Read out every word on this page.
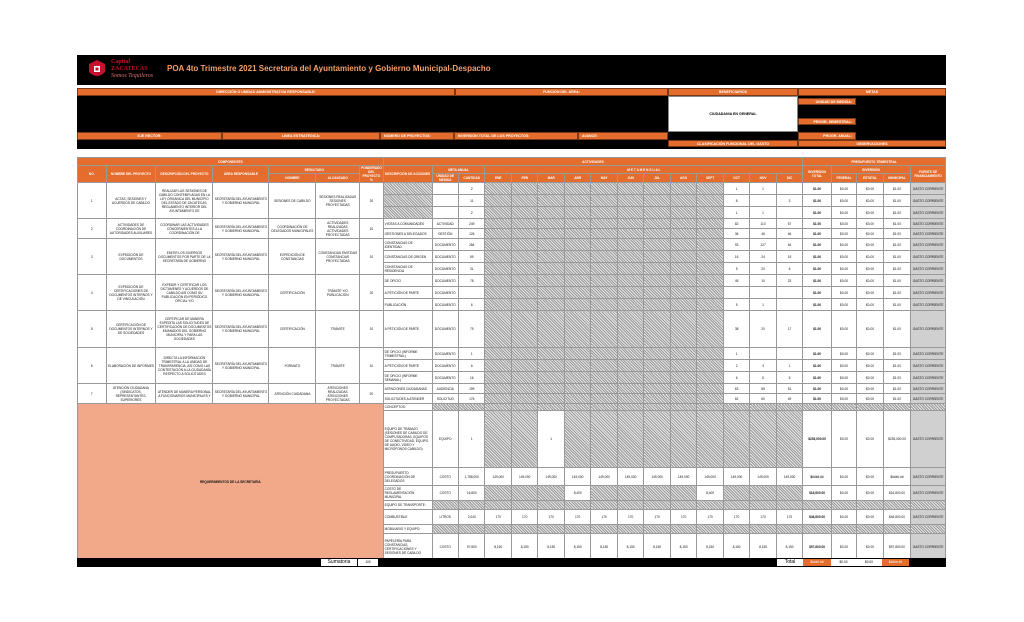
Capital
ZACATECAS
Somos Tequileros
POA 4to Trimestre 2021 Secretaría del Ayuntamiento y Gobierno Municipal-Despacho
DIRECCIÓN O UNIDAD ADMINISTRATIVA RESPONSABLE:	FUNCIÓN DEL ÁREA:	BENEFICIARIOS	METAS
CIUDADANIA EN GENERAL
UNIDAD DE MEDIDA:
PROGR. SEMESTRAL:
EJE RECTOR:	LINEA ESTRATÉGICA:	NÚMERO DE PROYECTOS:	INVERSIÓN TOTAL DE LOS PROYECTOS:	AVANCE:	PROGR. ANUAL:
CLASIFICACIÓN FUNCIONAL DEL GASTO	OBSERVACIONES
COMPONENTES							ACTIVIDADES															PRESUPUESTO TRIMESTRAL				
NO.	NOMBRE DEL PROYECTO	DESCRIPCIÓN DEL PROYECTO	ÁREA RESPONSABLE	RESULTADO		PONDERADO DEL PROYECTO %	DESCRIPCIÓN DE ACCIONES	META ANUAL		M E T A M E N S U A L												INVERSION TOTAL	INVERSIÓN			FUENTE DE FINANCIAMIENTO
				NOMBRE	ALCANZADO			UNIDAD DE MEDIDA	CANTIDAD	ENE	FEB	MAR	ABR	MAY	JUN	JUL	AGO	SEPT	OCT	NOV	DIC		FEDERAL	ESTATAL	MUNICIPAL	
1	ACTAS, SESIONES Y ACUERDOS DE CABILDO	REALIZAR LAS SESIONES DE CABILDO CONTEMPLADAS EN LA LEY ORGANICA DEL MUNICIPIO DEL ESTADO DE ZACATECAS, REGLAMENTO INTERIOR DEL AYUNTAMIENTO DE	SECRETARÍA DEL AYUNTAMIENTO Y GOBIERNO MUNICIPAL	SESIONES DE CABILDO	SESIONES REALIZADAS SESIONES PROYECTADAS	20			2										1	1		$1.00	$0.00	$0.00	$1.00	GASTO CORRIENTE
									11										8		3	$1.00	$0.00	$0.00	$1.00	GASTO CORRIENTE
									2										1	1		$1.00	$0.00	$0.00	$1.00	GASTO CORRIENTE
2	ACTIVIDADES DE COORDINACIÓN DE AUTORIDADES AUXILIARES	COORDINAR LAS ACTIVIDADES CONCERNIENTES A LA COORDINACIÓN DE	SECRETARÍA DEL AYUNTAMIENTO Y GOBIERNO MUNICIPAL	COORDINACIÓN DE DELEGADOS MUNICIPALES	ACTIVIDADES REALIZADAS ACTIVIDADES PROYECTADAS	10	VISITAS A COMUNIDADES	ACTIVIDAD	249										82	110	57	$1.00	$0.00	$0.00	$1.00	GASTO CORRIENTE
							GESTIONES A DELEGADOS	GESTIÓN	126										36	46	46	$1.00	$0.00	$0.00	$1.00	GASTO CORRIENTE
3	EXPEDICIÓN DE DOCUMENTOS	EMITIR LOS DIVERSOS DOCUMENTOS POR PARTE DE LA SECRETARÍA DE GOBIERNO	SECRETARÍA DEL AYUNTAMIENTO Y GOBIERNO MUNICIPAL	EXPEDICIÓN DE CONSTANCIAS	CONSTANCIAS EMITIDAS CONSTANCIAS PROYECTADAS	10	CONSTANCIAS DE IDENTIDAD	DOCUMENTO	284										93	127	64	$1.00	$0.00	$0.00	$1.00	GASTO CORRIENTE
							CONSTANCIAS DE ORIGEN	DOCUMENTO	59										16	24	19	$1.00	$0.00	$0.00	$1.00	GASTO CORRIENTE
							CONSTANCIAS DE RESIDENCIA	DOCUMENTO	31										5	20	6	$1.00	$0.00	$0.00	$1.00	GASTO CORRIENTE
4	EXPEDICIÓN DE CERTIFICACIONES DE DOCUMENTOS INTERNOS Y DE VINCULACIÓN	EXPEDIR Y CERTIFICAR LOS DICTÁMENES Y ACUERDOS DE CABILDO ASÍ COMO SU PUBLICACIÓN EN PERIÓDICO OFICIAL Y/O	SECRETARÍA DEL AYUNTAMIENTO Y GOBIERNO MUNICIPAL	CERTIFICACIÓN	TRÁMITE Y/O PUBLICACIÓN	20	DE OFICIO	DOCUMENTO	78										45	10	23	$1.00	$0.00	$0.00	$1.00	GASTO CORRIENTE
							A PETICIÓN DE PARTE	DOCUMENTO														$1.00	$0.00	$0.00	$1.00	GASTO CORRIENTE
							PUBLICACIÓN	DOCUMENTO	6										5	1		$1.00	$0.00	$0.00	$1.00	GASTO CORRIENTE
5	CERTIFICACIÓN DE DOCUMENTOS INTERNOS Y DE SOCIEDADES	CERTIFICAR DE MANERA EXPEDITA LAS SOLICITUDES DE CERTIFICACIÓN DE DOCUMENTOS EMANADOS DEL GOBIERNO MUNICIPAL Y PARA LAS SOCIEDADES	SECRETARÍA DEL AYUNTAMIENTO Y GOBIERNO MUNICIPAL	CERTIFICACIÓN	TRÁMITE	10	A PETICIÓN DE PARTE	DOCUMENTO	79										38	20	17	$1.00	$0.00	$0.00	$1.00	GASTO CORRIENTE
6	ELABORACIÓN DE INFORMES	DIRECTA LA INFORMACIÓN TRIMESTRAL A LA UNIDAD DE TRANSPARENCIA, ASÍ COMO LAS CONTESTACIÓN A LA CIUDADANÍA RESPECTO A SOLICITUDES	SECRETARÍA DEL AYUNTAMIENTO Y GOBIERNO MUNICIPAL	FORMATO	TRÁMITE	10	DE OFICIO (INFORME TRIMESTRAL)	DOCUMENTO	1										1			$1.00	$0.00	$0.00	$1.00	GASTO CORRIENTE
							A PETICIÓN DE PARTE	DOCUMENTO	6										2	3	1	$1.00	$0.00	$0.00	$1.00	GASTO CORRIENTE
							DE OFICIO (INFORME SEMANAL)	DOCUMENTO	16										6	5	5	$1.00	$0.00	$0.00	$1.00	GASTO CORRIENTE
7	ATENCIÓN CIUDADANA (SINDICATOS, REPRESENTANTES, SUPERIORES	ATENDER DE MANERA PERSONAL A FUNCIONARIOS MUNICIPALES Y	SECRETARÍA DEL AYUNTAMIENTO Y GOBIERNO MUNICIPAL	ATENCIÓN CIUDADANA	ATENCIONES REALIZADAS ATENCIONES PROYECTADAS	20	ATENCIONES CIUDADANAS	AUDIENCIA	199										63	85	51	$1.00	$0.00	$0.00	$1.00	GASTO CORRIENTE
							SOLICITUDES A ATENDER	SOLICITUD	176										62	60	49	$1.00	$0.00	$0.00	$1.00	GASTO CORRIENTE
REQUERIMIENTOS DE LA SECRETARÍA							CONCEPTOS:																			
							EQUIPO DE TRABAJO (SESIONES DE CABILDO DE COMPUTADORAS, EQUIPOS DE CONECTIVIDAD, EQUIPO DE AUDIO, VIDEO Y MICRÓFONOS CABILDO)	EQUIPO	1			1										$235,000.00	$0.00	$0.00	$235,000.00	GASTO CORRIENTE
							PRESUPUESTO COORDINACIÓN DE DELEGADOS	COSTO	1,788,000	149,000	149,000	149,000	149,000	149,000	149,000	149,000	149,000	149,000	149,000	149,000	149,000	$####.##	$0.00	$0.00	$####.##	GASTO CORRIENTE
							COSTO DE REGLAMENTACIÓN MUNICIPAL	COSTO	16,800				8,400					8,400				$16,800.00	$0.00	$0.00	$16,800.00	GASTO CORRIENTE
							EQUIPO DE TRANSPORTE:																			
							COMBUSTIBLE	LITROS	2,040	170	170	170	170	170	170	170	170	170	170	170	170	$46,800.00	$0.00	$0.00	$46,800.00	GASTO CORRIENTE
							MOBILIARIO Y EQUIPO:																			
							PAPELERÍA PARA CONSTANCIAS, CERTIFICACIONES Y SESIONES DE CABILDO	COSTO	97,800	8,150	8,150	8,150	8,150	8,150	8,150	8,150	8,150	8,150	8,150	8,150	8,150	$97,800.00	$0.00	$0.00	$97,800.00	GASTO CORRIENTE
Sumatoria	100	Total	$####.##	$0.00	$0.00	$####.##
